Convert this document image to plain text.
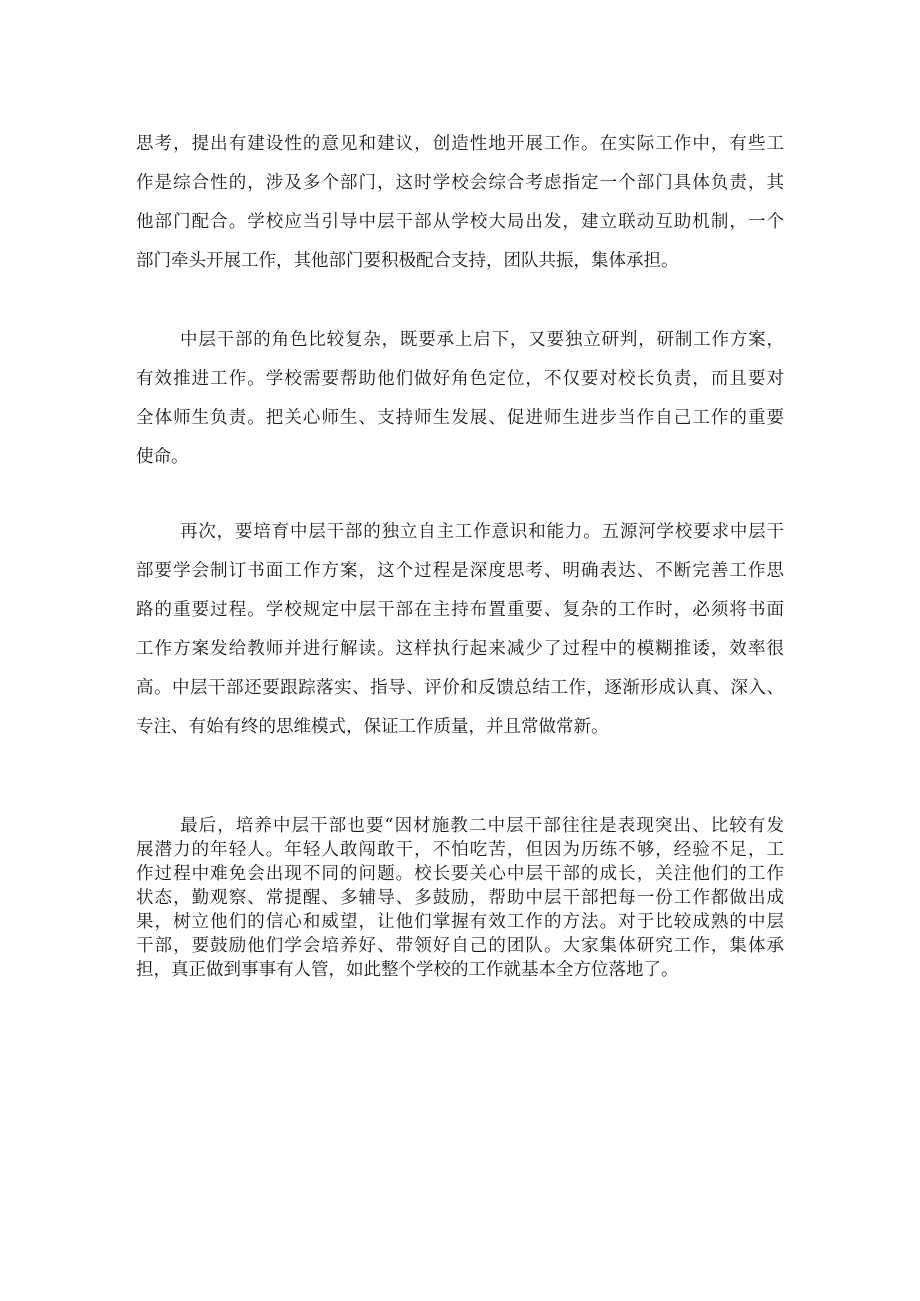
思考，提出有建设性的意见和建议，创造性地开展工作。在实际工作中，有些工
作是综合性的，涉及多个部门，这时学校会综合考虑指定一个部门具体负责，其
他部门配合。学校应当引导中层干部从学校大局出发，建立联动互助机制，一个
部门牵头开展工作，其他部门要积极配合支持，团队共振，集体承担。
中层干部的角色比较复杂，既要承上启下，又要独立研判，研制工作方案，
有效推进工作。学校需要帮助他们做好角色定位，不仅要对校长负责，而且要对
全体师生负责。把关心师生、支持师生发展、促进师生进步当作自己工作的重要
使命。
再次，要培育中层干部的独立自主工作意识和能力。五源河学校要求中层干
部要学会制订书面工作方案，这个过程是深度思考、明确表达、不断完善工作思
路的重要过程。学校规定中层干部在主持布置重要、复杂的工作时，必须将书面
工作方案发给教师并进行解读。这样执行起来减少了过程中的模糊推诿，效率很
高。中层干部还要跟踪落实、指导、评价和反馈总结工作，逐渐形成认真、深入、
专注、有始有终的思维模式，保证工作质量，并且常做常新。
最后，培养中层干部也要“因材施教二中层干部往往是表现突出、比较有发
展潜力的年轻人。年轻人敢闯敢干，不怕吃苦，但因为历练不够，经验不足，工
作过程中难免会出现不同的问题。校长要关心中层干部的成长，关注他们的工作
状态，勤观察、常提醒、多辅导、多鼓励，帮助中层干部把每一份工作都做出成
果，树立他们的信心和威望，让他们掌握有效工作的方法。对于比较成熟的中层
干部，要鼓励他们学会培养好、带领好自己的团队。大家集体研究工作，集体承
担，真正做到事事有人管，如此整个学校的工作就基本全方位落地了。
